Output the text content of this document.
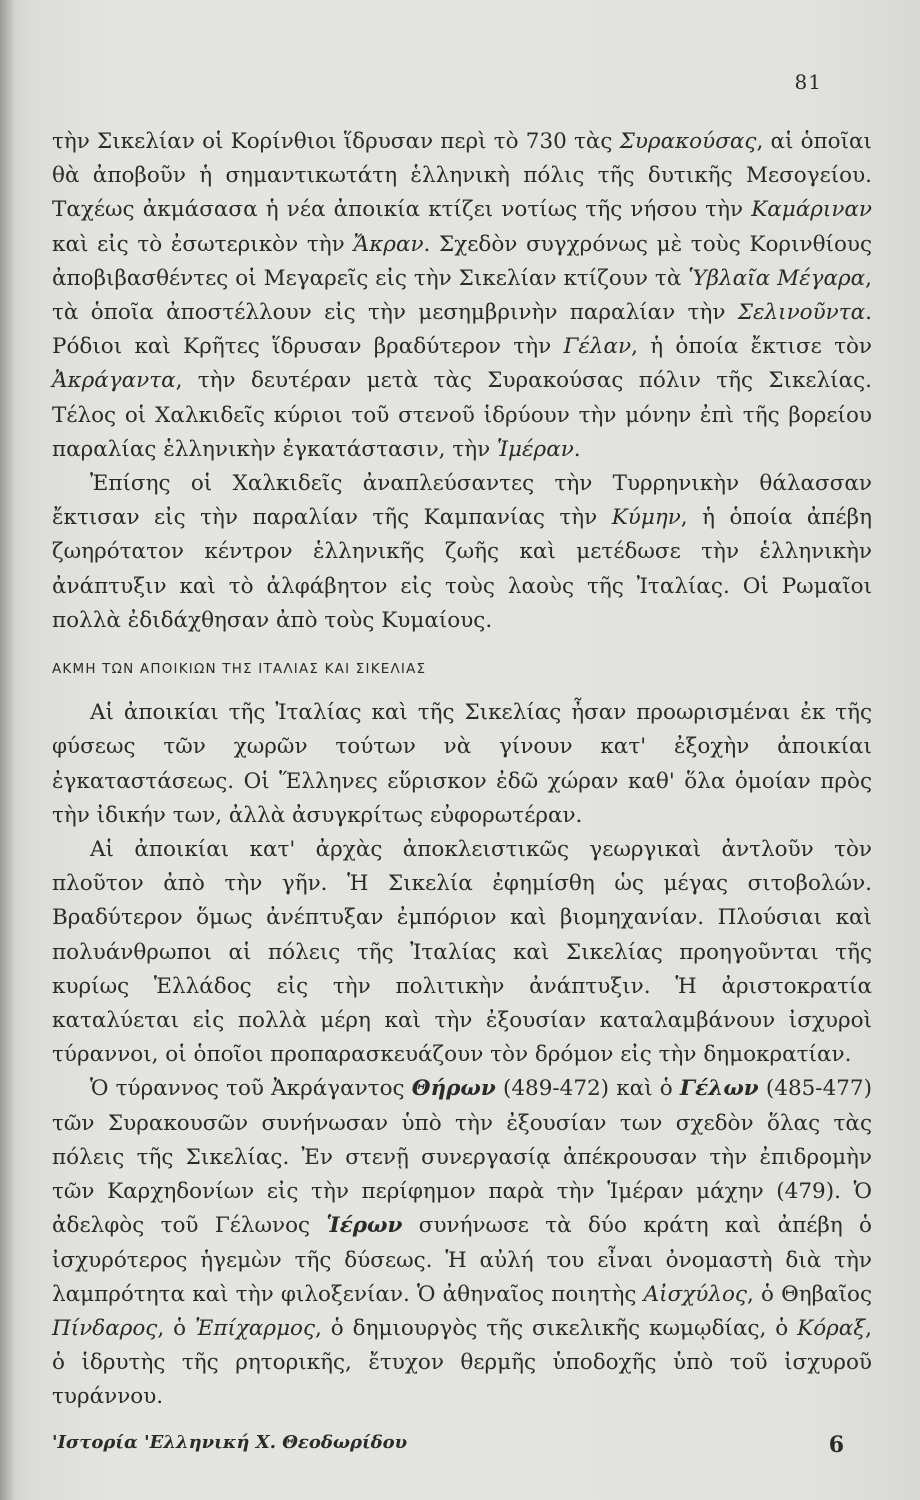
81

τὴν Σικελίαν οἱ Κορίνθιοι ἵδρυσαν περὶ τὸ 730 τὰς Συρακούσας, αἱ ὁποῖαι θὰ ἀποβοῦν ἡ σημαντικωτάτη ἑλληνικὴ πόλις τῆς δυτικῆς Μεσογείου. Ταχέως ἀκμάσασα ἡ νέα ἀποικία κτίζει νοτίως τῆς νήσου τὴν Καμάριναν καὶ εἰς τὸ ἐσωτερικὸν τὴν Ἄκραν. Σχεδὸν συγχρόνως μὲ τοὺς Κορινθίους ἀποβιβασθέντες οἱ Μεγαρεῖς εἰς τὴν Σικελίαν κτίζουν τὰ Ὑβλαῖα Μέγαρα, τὰ ὁποῖα ἀποστέλλουν εἰς τὴν μεσημβρινὴν παραλίαν τὴν Σελινοῦντα. Ρόδιοι καὶ Κρῆτες ἵδρυσαν βραδύτερον τὴν Γέλαν, ἡ ὁποία ἔκτισε τὸν Ἀκράγαντα, τὴν δευτέραν μετὰ τὰς Συρακούσας πόλιν τῆς Σικελίας. Τέλος οἱ Χαλκιδεῖς κύριοι τοῦ στενοῦ ἱδρύουν τὴν μόνην ἐπὶ τῆς βορείου παραλίας ἑλληνικὴν ἐγκατάστασιν, τὴν Ἱμέραν.

Ἐπίσης οἱ Χαλκιδεῖς ἀναπλεύσαντες τὴν Τυρρηνικὴν θάλασσαν ἔκτισαν εἰς τὴν παραλίαν τῆς Καμπανίας τὴν Κύμην, ἡ ὁποία ἀπέβη ζωηρότατον κέντρον ἑλληνικῆς ζωῆς καὶ μετέδωσε τὴν ἑλληνικὴν ἀνάπτυξιν καὶ τὸ ἀλφάβητον εἰς τοὺς λαοὺς τῆς Ἰταλίας. Οἱ Ρωμαῖοι πολλὰ ἐδιδάχθησαν ἀπὸ τοὺς Κυμαίους.

ΑΚΜΗ ΤΩΝ ΑΠΟΙΚΙΩΝ ΤΗΣ ΙΤΑΛΙΑΣ ΚΑΙ ΣΙΚΕΛΙΑΣ

Αἱ ἀποικίαι τῆς Ἰταλίας καὶ τῆς Σικελίας ἦσαν προωρισμέναι ἐκ τῆς φύσεως τῶν χωρῶν τούτων νὰ γίνουν κατ' ἐξοχὴν ἀποικίαι ἐγκαταστάσεως. Οἱ Ἕλληνες εὕρισκον ἐδῶ χώραν καθ' ὅλα ὁμοίαν πρὸς τὴν ἰδικήν των, ἀλλὰ ἀσυγκρίτως εὐφορωτέραν.

Αἱ ἀποικίαι κατ' ἀρχὰς ἀποκλειστικῶς γεωργικαὶ ἀντλοῦν τὸν πλοῦτον ἀπὸ τὴν γῆν. Ἡ Σικελία ἐφημίσθη ὡς μέγας σιτοβολών. Βραδύτερον ὅμως ἀνέπτυξαν ἐμπόριον καὶ βιομηχανίαν. Πλούσιαι καὶ πολυάνθρωποι αἱ πόλεις τῆς Ἰταλίας καὶ Σικελίας προηγοῦνται τῆς κυρίως Ἑλλάδος εἰς τὴν πολιτικὴν ἀνάπτυξιν. Ἡ ἀριστοκρατία καταλύεται εἰς πολλὰ μέρη καὶ τὴν ἐξουσίαν καταλαμβάνουν ἰσχυροὶ τύραννοι, οἱ ὁποῖοι προπαρασκευάζουν τὸν δρόμον εἰς τὴν δημοκρατίαν.

Ὁ τύραννος τοῦ Ἀκράγαντος Θήρων (489-472) καὶ ὁ Γέλων (485-477) τῶν Συρακουσῶν συνήνωσαν ὑπὸ τὴν ἐξουσίαν των σχεδὸν ὅλας τὰς πόλεις τῆς Σικελίας. Ἐν στενῇ συνεργασίᾳ ἀπέκρουσαν τὴν ἐπιδρομὴν τῶν Καρχηδονίων εἰς τὴν περίφημον παρὰ τὴν Ἱμέραν μάχην (479). Ὁ ἀδελφὸς τοῦ Γέλωνος Ἱέρων συνήνωσε τὰ δύο κράτη καὶ ἀπέβη ὁ ἰσχυρότερος ἡγεμὼν τῆς δύσεως. Ἡ αὐλή του εἶναι ὀνομαστὴ διὰ τὴν λαμπρότητα καὶ τὴν φιλοξενίαν. Ὁ ἀθηναῖος ποιητὴς Αἰσχύλος, ὁ Θηβαῖος Πίνδαρος, ὁ Ἐπίχαρμος, ὁ δημιουργὸς τῆς σικελικῆς κωμῳδίας, ὁ Κόραξ, ὁ ἱδρυτὴς τῆς ρητορικῆς, ἔτυχον θερμῆς ὑποδοχῆς ὑπὸ τοῦ ἰσχυροῦ τυράννου.

'Ιστορία 'Ελληνική Χ. Θεοδωρίδου	6
